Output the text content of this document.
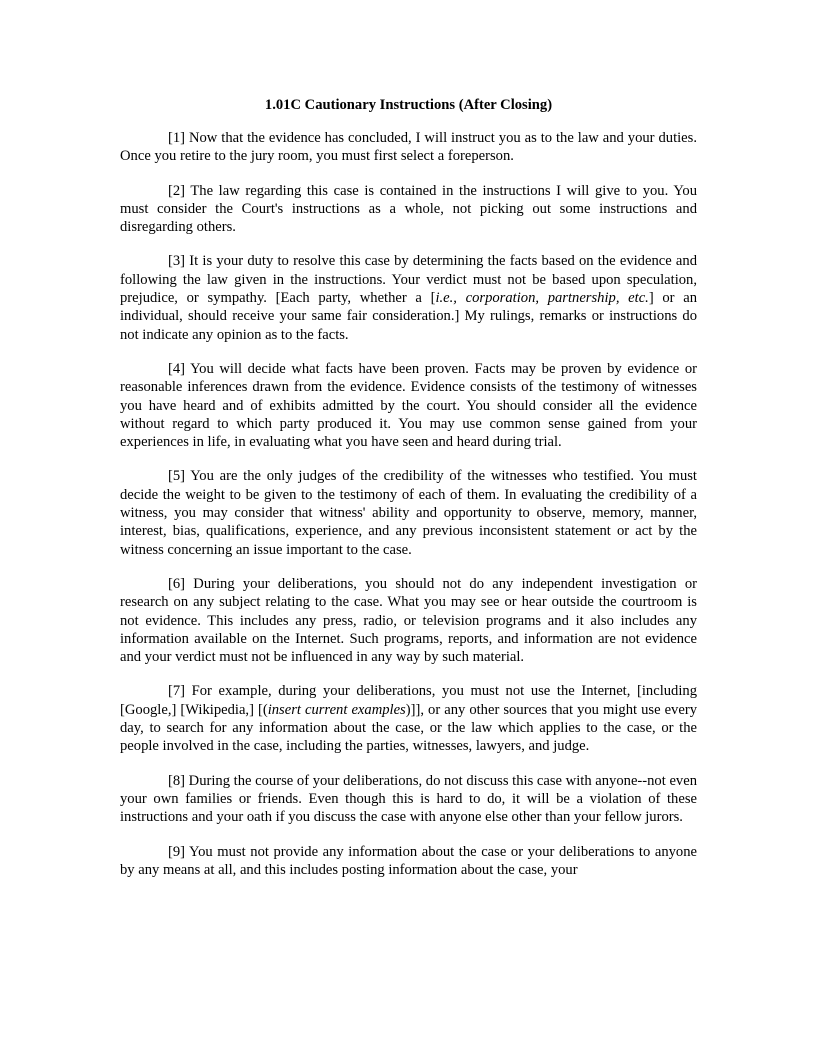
1.01C Cautionary Instructions (After Closing)

[1] Now that the evidence has concluded, I will instruct you as to the law and your duties. Once you retire to the jury room, you must first select a foreperson.

[2] The law regarding this case is contained in the instructions I will give to you. You must consider the Court's instructions as a whole, not picking out some instructions and disregarding others.

[3] It is your duty to resolve this case by determining the facts based on the evidence and following the law given in the instructions. Your verdict must not be based upon speculation, prejudice, or sympathy. [Each party, whether a [i.e., corporation, partnership, etc.] or an individual, should receive your same fair consideration.] My rulings, remarks or instructions do not indicate any opinion as to the facts.

[4] You will decide what facts have been proven. Facts may be proven by evidence or reasonable inferences drawn from the evidence. Evidence consists of the testimony of witnesses you have heard and of exhibits admitted by the court. You should consider all the evidence without regard to which party produced it. You may use common sense gained from your experiences in life, in evaluating what you have seen and heard during trial.

[5] You are the only judges of the credibility of the witnesses who testified. You must decide the weight to be given to the testimony of each of them. In evaluating the credibility of a witness, you may consider that witness' ability and opportunity to observe, memory, manner, interest, bias, qualifications, experience, and any previous inconsistent statement or act by the witness concerning an issue important to the case.

[6] During your deliberations, you should not do any independent investigation or research on any subject relating to the case. What you may see or hear outside the courtroom is not evidence. This includes any press, radio, or television programs and it also includes any information available on the Internet. Such programs, reports, and information are not evidence and your verdict must not be influenced in any way by such material.

[7] For example, during your deliberations, you must not use the Internet, [including [Google,] [Wikipedia,] [(insert current examples)]], or any other sources that you might use every day, to search for any information about the case, or the law which applies to the case, or the people involved in the case, including the parties, witnesses, lawyers, and judge.

[8] During the course of your deliberations, do not discuss this case with anyone--not even your own families or friends. Even though this is hard to do, it will be a violation of these instructions and your oath if you discuss the case with anyone else other than your fellow jurors.

[9] You must not provide any information about the case or your deliberations to anyone by any means at all, and this includes posting information about the case, your
